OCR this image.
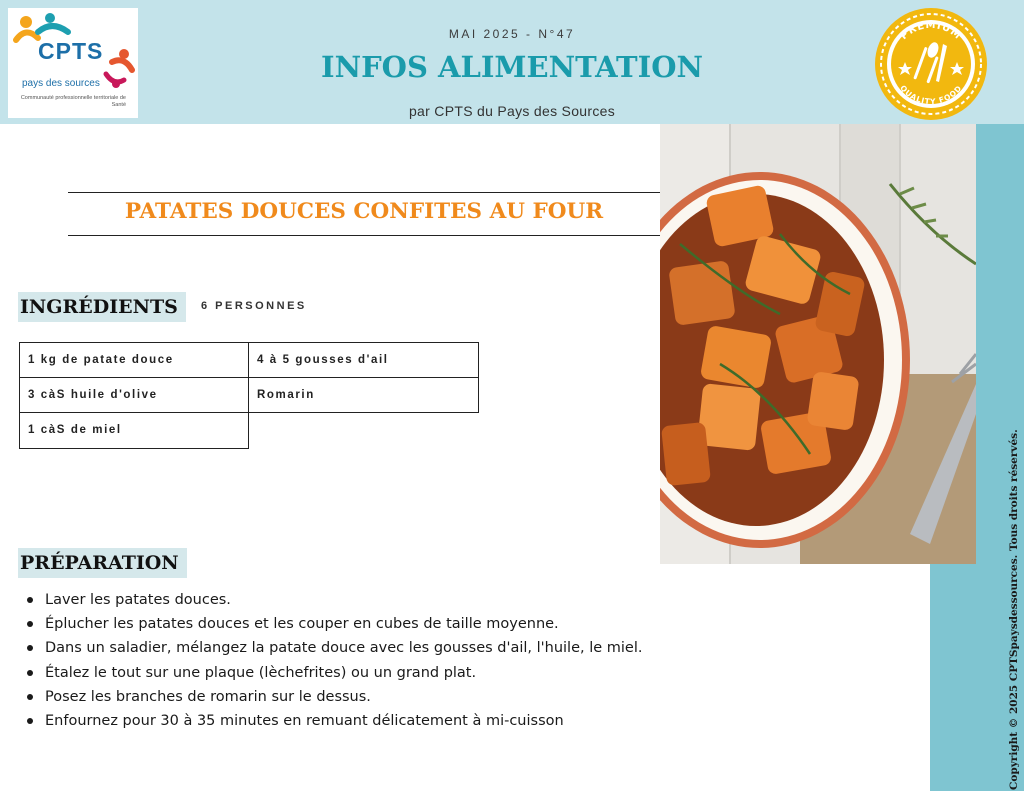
CPTS
pays des sources
Communauté professionnelle territoriale de Santé
MAI 2025 - N°47
INFOS ALIMENTATION
par CPTS du Pays des Sources
PREMIUM
QUALITY FOOD
Copyright © 2025 CPTSpaysdessources. Tous droits réservés.
PATATES DOUCES CONFITES AU FOUR
INGRÉDIENTS	6 PERSONNES
1 kg de patate douce	4 à 5 gousses d'ail
3 càS huile d'olive	Romarin
1 càS de miel
PRÉPARATION
Laver les patates douces.
Éplucher les patates douces et les couper en cubes de taille moyenne.
Dans un saladier, mélangez la patate douce avec les gousses d'ail, l'huile, le miel.
Étalez le tout sur une plaque (lèchefrites) ou un grand plat.
Posez les branches de romarin sur le dessus.
Enfournez pour 30 à 35 minutes en remuant délicatement à mi-cuisson
